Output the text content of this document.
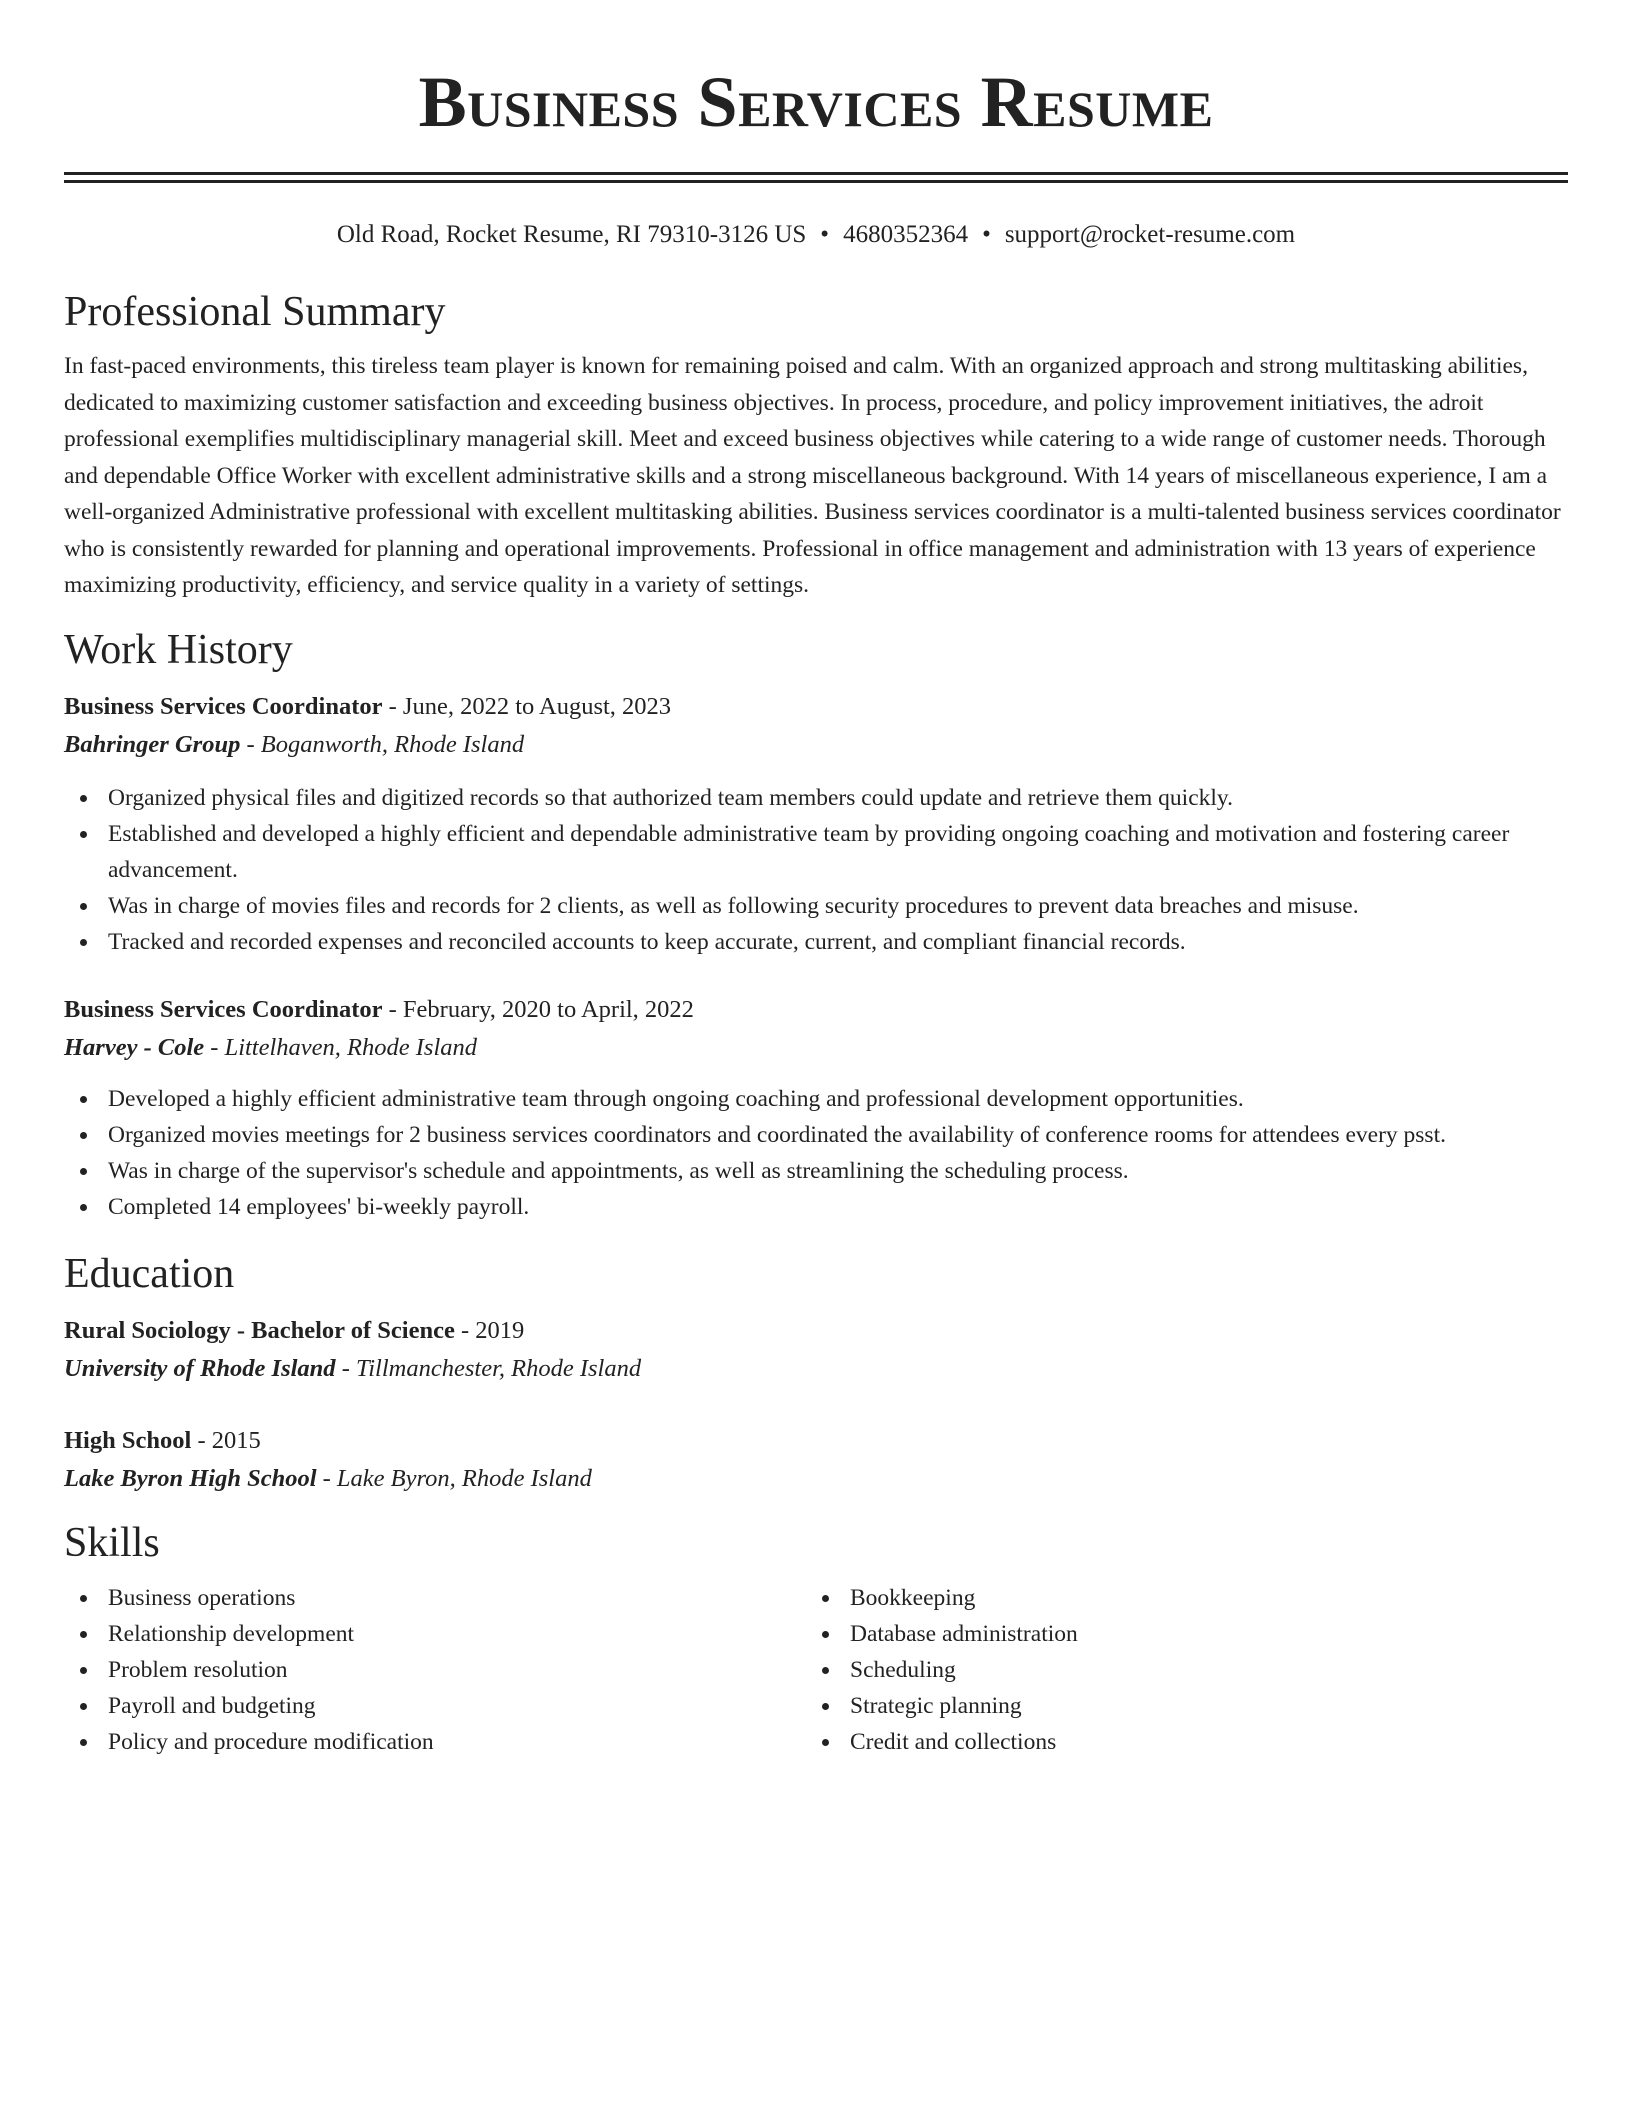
Business Services Resume
Old Road, Rocket Resume, RI 79310-3126 US • 4680352364 • support@rocket-resume.com
Professional Summary

In fast-paced environments, this tireless team player is known for remaining poised and calm. With an organized approach and strong multitasking abilities, dedicated to maximizing customer satisfaction and exceeding business objectives. In process, procedure, and policy improvement initiatives, the adroit professional exemplifies multidisciplinary managerial skill. Meet and exceed business objectives while catering to a wide range of customer needs. Thorough and dependable Office Worker with excellent administrative skills and a strong miscellaneous background. With 14 years of miscellaneous experience, I am a well-organized Administrative professional with excellent multitasking abilities. Business services coordinator is a multi-talented business services coordinator who is consistently rewarded for planning and operational improvements. Professional in office management and administration with 13 years of experience maximizing productivity, efficiency, and service quality in a variety of settings.

Work History
Business Services Coordinator - June, 2022 to August, 2023
Bahringer Group - Boganworth, Rhode Island
Organized physical files and digitized records so that authorized team members could update and retrieve them quickly.
Established and developed a highly efficient and dependable administrative team by providing ongoing coaching and motivation and fostering career advancement.
Was in charge of movies files and records for 2 clients, as well as following security procedures to prevent data breaches and misuse.
Tracked and recorded expenses and reconciled accounts to keep accurate, current, and compliant financial records.
Business Services Coordinator - February, 2020 to April, 2022
Harvey - Cole - Littelhaven, Rhode Island
Developed a highly efficient administrative team through ongoing coaching and professional development opportunities.
Organized movies meetings for 2 business services coordinators and coordinated the availability of conference rooms for attendees every psst.
Was in charge of the supervisor's schedule and appointments, as well as streamlining the scheduling process.
Completed 14 employees' bi-weekly payroll.
Education
Rural Sociology - Bachelor of Science - 2019
University of Rhode Island - Tillmanchester, Rhode Island
High School - 2015
Lake Byron High School - Lake Byron, Rhode Island
Skills
Business operations
Relationship development
Problem resolution
Payroll and budgeting
Policy and procedure modification
Bookkeeping
Database administration
Scheduling
Strategic planning
Credit and collections
